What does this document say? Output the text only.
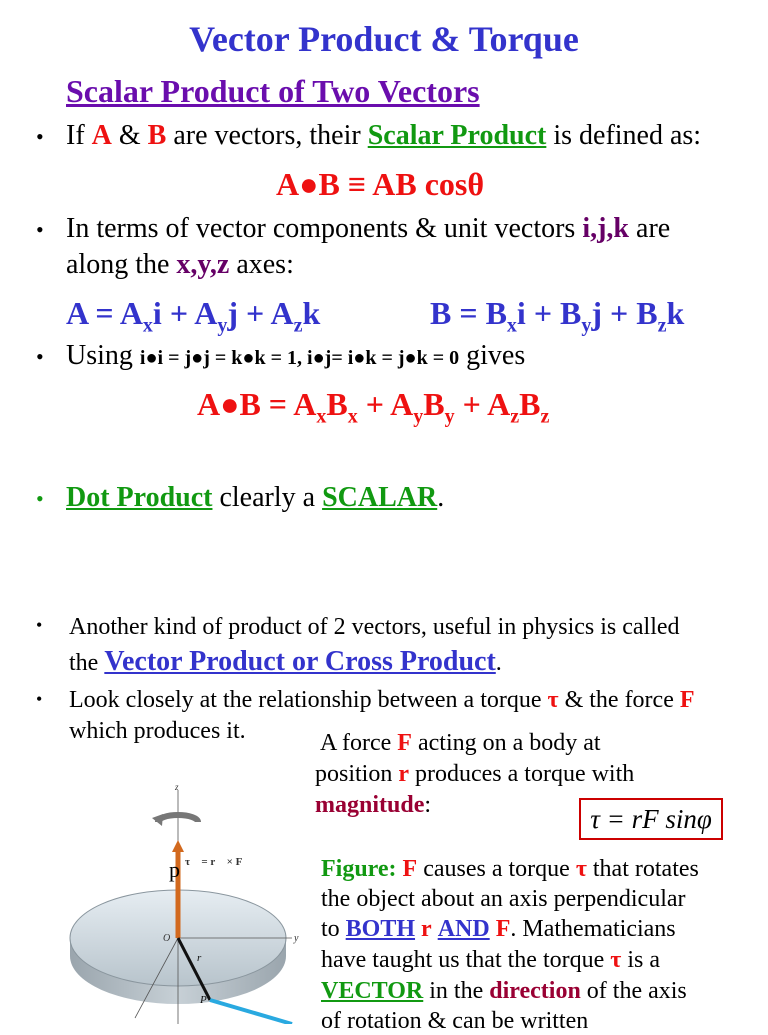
Vector Product & Torque
Scalar Product of Two Vectors
• If A & B are vectors, their Scalar Product is defined as:
A●B ≡ AB cosθ
• In terms of vector components & unit vectors i,j,k are
along the x,y,z axes:
$A = A_xi + A_yj + A_zk$	$B = B_xi + B_yj + B_zk$
• Using i●i = j●j = k●k = 1, i●j= i●k = j●k = 0 gives
A●B = $A_xB_x + A_yB_y + A_zB_z$
• Dot Product clearly a SCALAR.
• Another kind of product of 2 vectors, useful in physics is called
the Vector Product or Cross Product.
• Look closely at the relationship between a torque τ & the force F
which produces it.	A force F acting on a body at
position r produces a torque with
magnitude:	τ = rF sinφ
Figure: F causes a torque τ that rotates
the object about an axis perpendicular
to BOTH r AND F. Mathematicians
have taught us that the torque τ is a
VECTOR in the direction of the axis
of rotation & can be written
z
y
O
τ⃗ = r⃗ × F⃗
p
r⃗
P
